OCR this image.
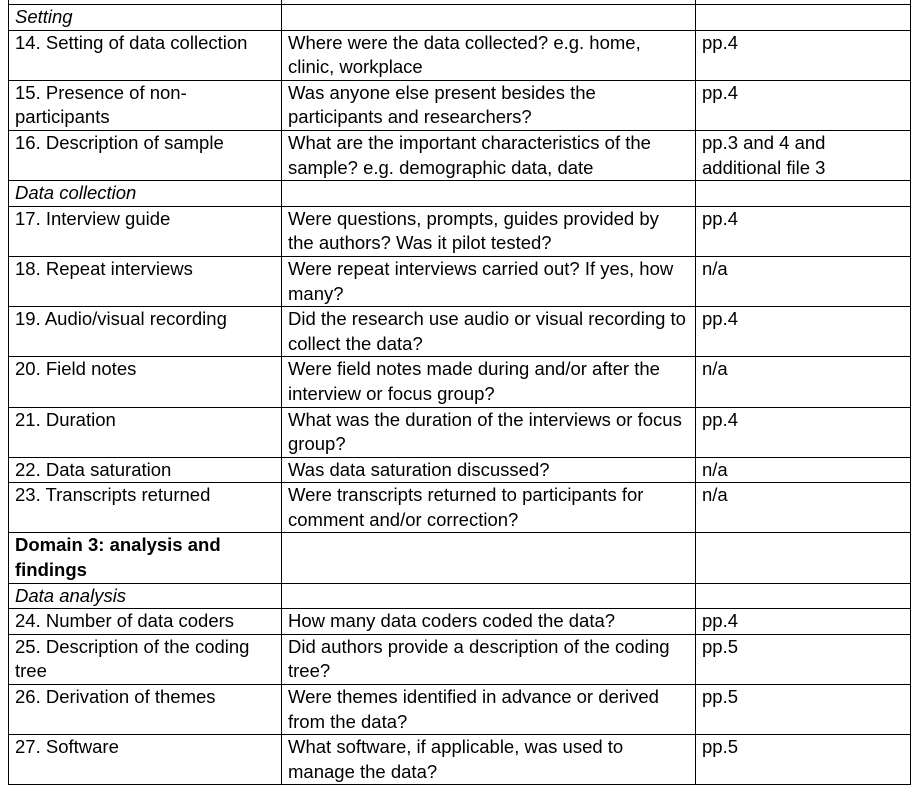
Setting		
14. Setting of data collection	Where were the data collected? e.g. home, clinic, workplace	pp.4
15. Presence of non-participants	Was anyone else present besides the participants and researchers?	pp.4
16. Description of sample	What are the important characteristics of the sample? e.g. demographic data, date	pp.3 and 4 and additional file 3
Data collection		
17. Interview guide	Were questions, prompts, guides provided by the authors? Was it pilot tested?	pp.4
18. Repeat interviews	Were repeat interviews carried out? If yes, how many?	n/a
19. Audio/visual recording	Did the research use audio or visual recording to collect the data?	pp.4
20. Field notes	Were field notes made during and/or after the interview or focus group?	n/a
21. Duration	What was the duration of the interviews or focus group?	pp.4
22. Data saturation	Was data saturation discussed?	n/a
23. Transcripts returned	Were transcripts returned to participants for comment and/or correction?	n/a
Domain 3: analysis and findings		
Data analysis		
24. Number of data coders	How many data coders coded the data?	pp.4
25. Description of the coding tree	Did authors provide a description of the coding tree?	pp.5
26. Derivation of themes	Were themes identified in advance or derived from the data?	pp.5
27. Software	What software, if applicable, was used to manage the data?	pp.5
